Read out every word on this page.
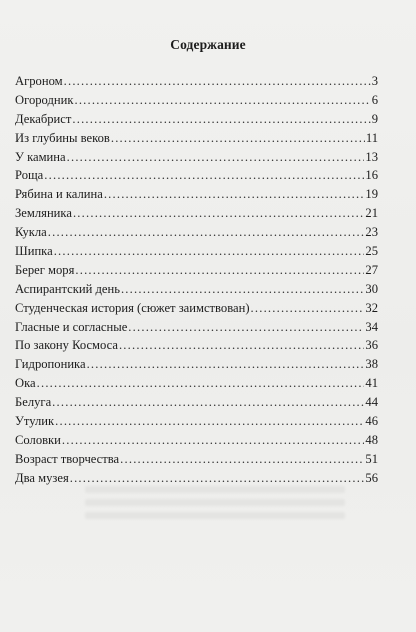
Содержание
Агроном .....	3
Огородник .....	6
Декабрист .....	9
Из глубины веков .....	11
У камина .....	13
Роща .....	16
Рябина и калина .....	19
Земляника .....	21
Кукла .....	23
Шипка .....	25
Берег моря .....	27
Аспирантский день .....	30
Студенческая история (сюжет заимствован) .....	32
Гласные и согласные .....	34
По закону Космоса .....	36
Гидропоника .....	38
Ока .....	41
Белуга .....	44
Утулик .....	46
Соловки .....	48
Возраст творчества .....	51
Два музея .....	56
